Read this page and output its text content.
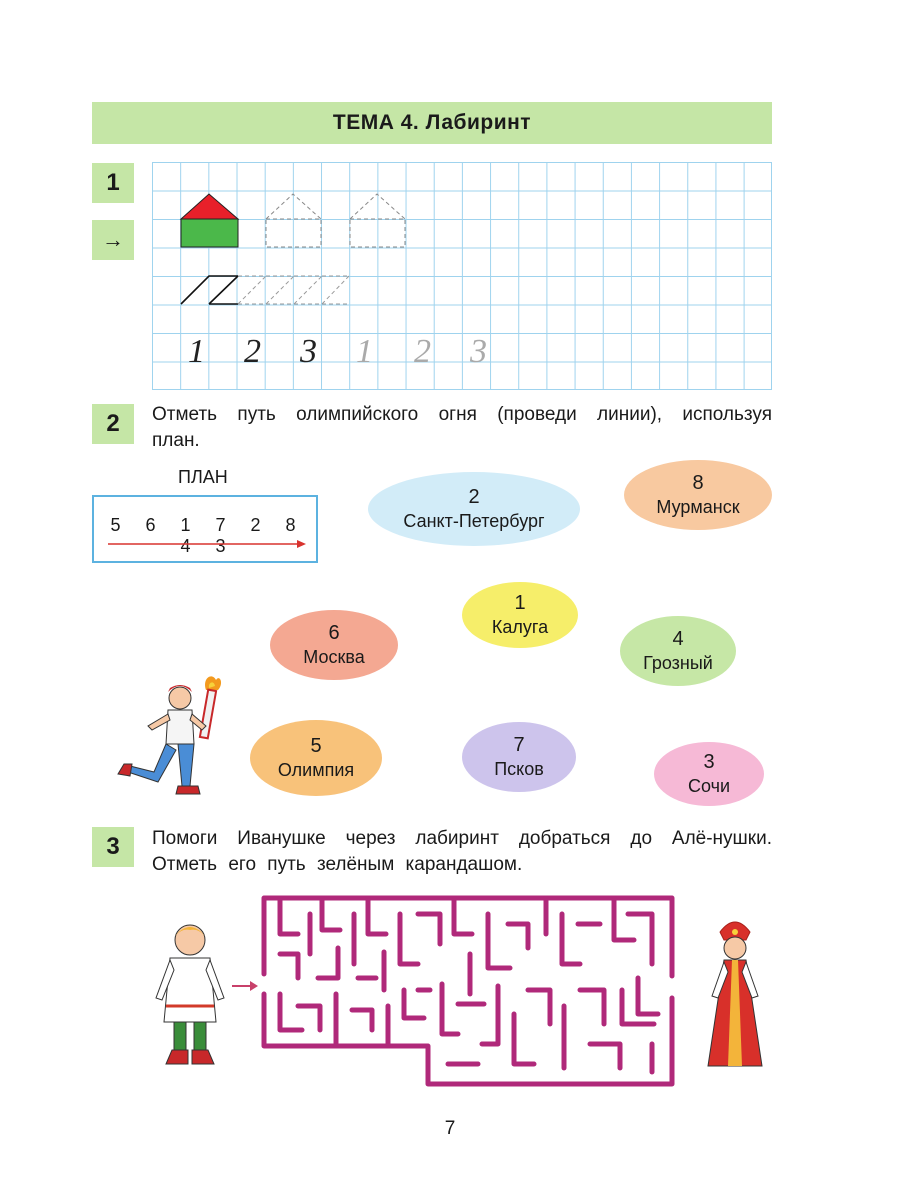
ТЕМА 4. Лабиринт
1
→
1 2 3 1 2 3
2	Отметь путь олимпийского огня (проведи линии), используя план.
ПЛАН
5 6 1 7 2 8 4 3
2
Санкт-Петербург
8
Мурманск
1
Калуга
6
Москва
4
Грозный
5
Олимпия
7
Псков	3
Сочи
3	Помоги Иванушке через лабиринт добраться до Алё-нушки. Отметь его путь зелёным карандашом.
7
